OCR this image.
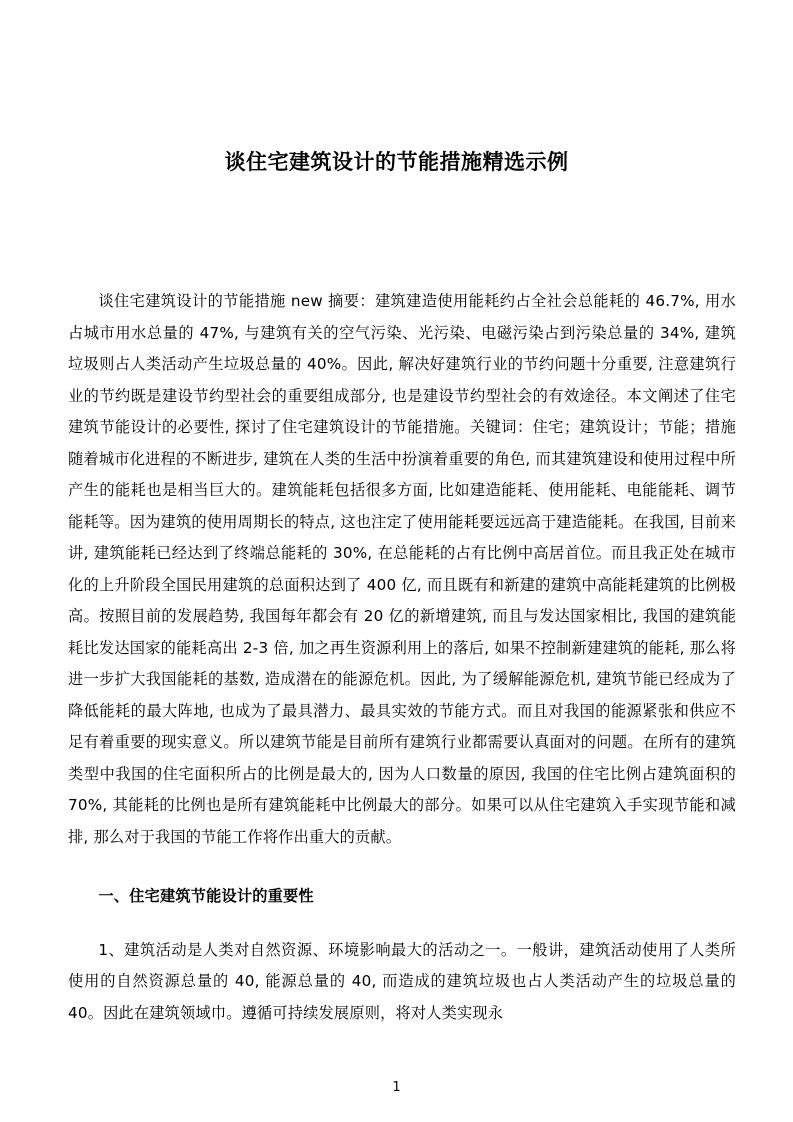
谈住宅建筑设计的节能措施精选示例

谈住宅建筑设计的节能措施 new 摘要：建筑建造使用能耗约占全社会总能耗的 46.7%, 用水占城市用水总量的 47%, 与建筑有关的空气污染、光污染、电磁污染占到污染总量的 34%, 建筑垃圾则占人类活动产生垃圾总量的 40%。因此, 解决好建筑行业的节约问题十分重要, 注意建筑行业的节约既是建设节约型社会的重要组成部分, 也是建设节约型社会的有效途径。本文阐述了住宅建筑节能设计的必要性, 探讨了住宅建筑设计的节能措施。关键词：住宅；建筑设计；节能；措施随着城市化进程的不断进步, 建筑在人类的生活中扮演着重要的角色, 而其建筑建设和使用过程中所产生的能耗也是相当巨大的。建筑能耗包括很多方面, 比如建造能耗、使用能耗、电能能耗、调节能耗等。因为建筑的使用周期长的特点, 这也注定了使用能耗要远远高于建造能耗。在我国, 目前来讲, 建筑能耗已经达到了终端总能耗的 30%, 在总能耗的占有比例中高居首位。而且我正处在城市化的上升阶段全国民用建筑的总面积达到了 400 亿, 而且既有和新建的建筑中高能耗建筑的比例极高。按照目前的发展趋势, 我国每年都会有 20 亿的新增建筑, 而且与发达国家相比, 我国的建筑能耗比发达国家的能耗高出 2-3 倍, 加之再生资源利用上的落后, 如果不控制新建建筑的能耗, 那么将进一步扩大我国能耗的基数, 造成潜在的能源危机。因此, 为了缓解能源危机, 建筑节能已经成为了降低能耗的最大阵地, 也成为了最具潜力、最具实效的节能方式。而且对我国的能源紧张和供应不足有着重要的现实意义。所以建筑节能是目前所有建筑行业都需要认真面对的问题。在所有的建筑类型中我国的住宅面积所占的比例是最大的, 因为人口数量的原因, 我国的住宅比例占建筑面积的 70%, 其能耗的比例也是所有建筑能耗中比例最大的部分。如果可以从住宅建筑入手实现节能和减排, 那么对于我国的节能工作将作出重大的贡献。

一、住宅建筑节能设计的重要性

1、建筑活动是人类对自然资源、环境影响最大的活动之一。一般讲，建筑活动使用了人类所使用的自然资源总量的 40, 能源总量的 40, 而造成的建筑垃圾也占人类活动产生的垃圾总量的 40。因此在建筑领域巾。遵循可持续发展原则，将对人类实现永

1
